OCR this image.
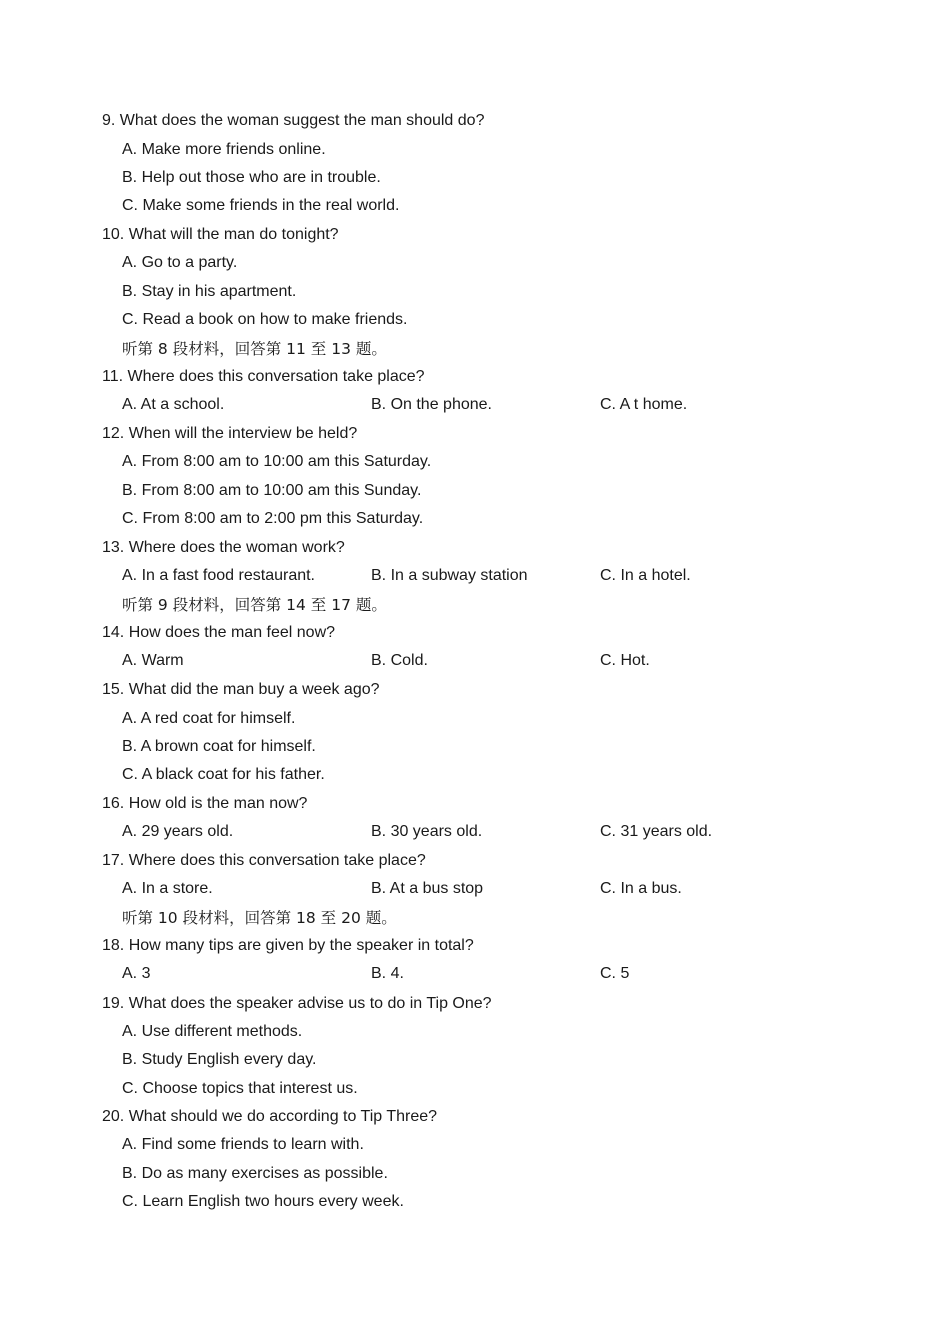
9. What does the woman suggest the man should do?
A. Make more friends online.
B. Help out those who are in trouble.
C. Make some friends in the real world.
10. What will the man do tonight?
A. Go to a party.
B. Stay in his apartment.
C. Read a book on how to make friends.
听第 8 段材料，回答第 11 至 13 题。
11. Where does this conversation take place?
A. At a school.	B. On the phone.	C. A t home.
12. When will the interview be held?
A. From 8:00 am to 10:00 am this Saturday.
B. From 8:00 am to 10:00 am this Sunday.
C. From 8:00 am to 2:00 pm this Saturday.
13. Where does the woman work?
A. In a fast food restaurant.	B. In a subway station	C. In a hotel.
听第 9 段材料，回答第 14 至 17 题。
14. How does the man feel now?
A. Warm	B. Cold.	C. Hot.
15. What did the man buy a week ago?
A. A red coat for himself.
B. A brown coat for himself.
C. A black coat for his father.
16. How old is the man now?
A. 29 years old.	B. 30 years old.	C. 31 years old.
17. Where does this conversation take place?
A. In a store.	B. At a bus stop	C. In a bus.
听第 10 段材料，回答第 18 至 20 题。
18. How many tips are given by the speaker in total?
A. 3	B. 4.	C. 5
19. What does the speaker advise us to do in Tip One?
A. Use different methods.
B. Study English every day.
C. Choose topics that interest us.
20. What should we do according to Tip Three?
A. Find some friends to learn with.
B. Do as many exercises as possible.
C. Learn English two hours every week.
